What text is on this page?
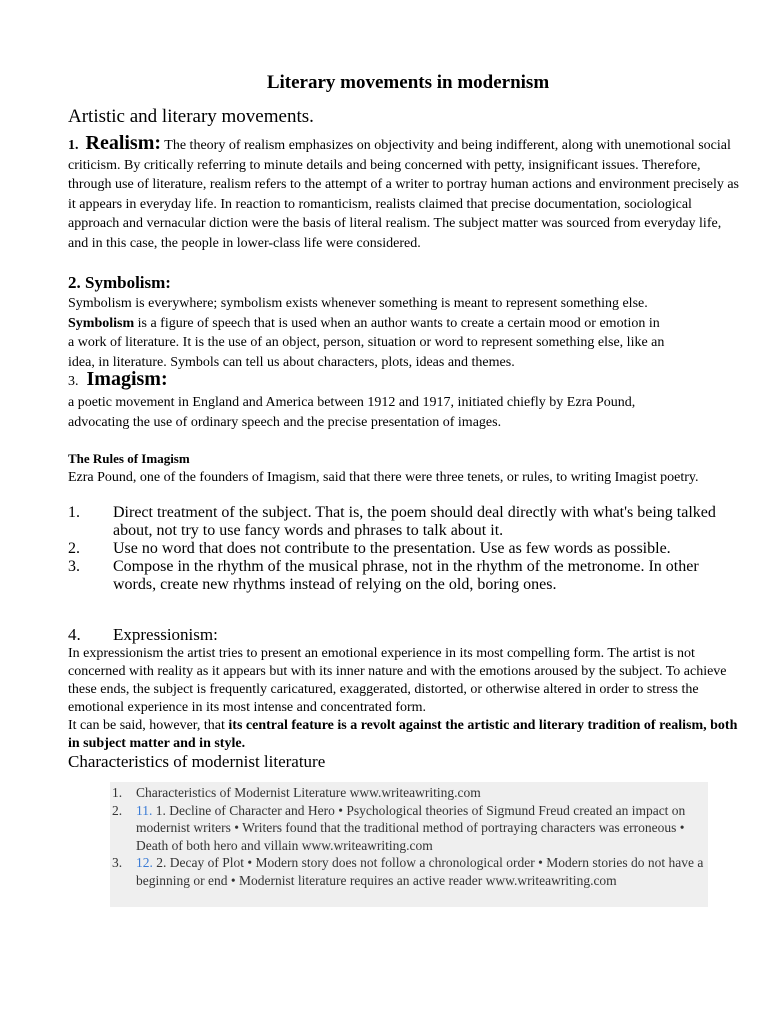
Literary movements in modernism
Artistic and literary movements.

1. Realism: The theory of realism emphasizes on objectivity and being indifferent, along with unemotional social criticism. By critically referring to minute details and being concerned with petty, insignificant issues. Therefore, through use of literature, realism refers to the attempt of a writer to portray human actions and environment precisely as it appears in everyday life. In reaction to romanticism, realists claimed that precise documentation, sociological approach and vernacular diction were the basis of literal realism. The subject matter was sourced from everyday life, and in this case, the people in lower-class life were considered.

2. Symbolism:

Symbolism is everywhere; symbolism exists whenever something is meant to represent something else. Symbolism is a figure of speech that is used when an author wants to create a certain mood or emotion in a work of literature. It is the use of an object, person, situation or word to represent something else, like an idea, in literature. Symbols can tell us about characters, plots, ideas and themes.

3. Imagism:

a poetic movement in England and America between 1912 and 1917, initiated chiefly by Ezra Pound, advocating the use of ordinary speech and the precise presentation of images.

The Rules of Imagism

Ezra Pound, one of the founders of Imagism, said that there were three tenets, or rules, to writing Imagist poetry.

1. Direct treatment of the subject. That is, the poem should deal directly with what's being talked about, not try to use fancy words and phrases to talk about it.
2. Use no word that does not contribute to the presentation. Use as few words as possible.
3. Compose in the rhythm of the musical phrase, not in the rhythm of the metronome. In other words, create new rhythms instead of relying on the old, boring ones.
4. Expressionism:

In expressionism the artist tries to present an emotional experience in its most compelling form. The artist is not concerned with reality as it appears but with its inner nature and with the emotions aroused by the subject. To achieve these ends, the subject is frequently caricatured, exaggerated, distorted, or otherwise altered in order to stress the emotional experience in its most intense and concentrated form.

It can be said, however, that its central feature is a revolt against the artistic and literary tradition of realism, both in subject matter and in style.

Characteristics of modernist literature
1. Characteristics of Modernist Literature www.writeawriting.com
2. 11. 1. Decline of Character and Hero • Psychological theories of Sigmund Freud created an impact on modernist writers • Writers found that the traditional method of portraying characters was erroneous • Death of both hero and villain www.writeawriting.com
3. 12. 2. Decay of Plot • Modern story does not follow a chronological order • Modern stories do not have a beginning or end • Modernist literature requires an active reader www.writeawriting.com
